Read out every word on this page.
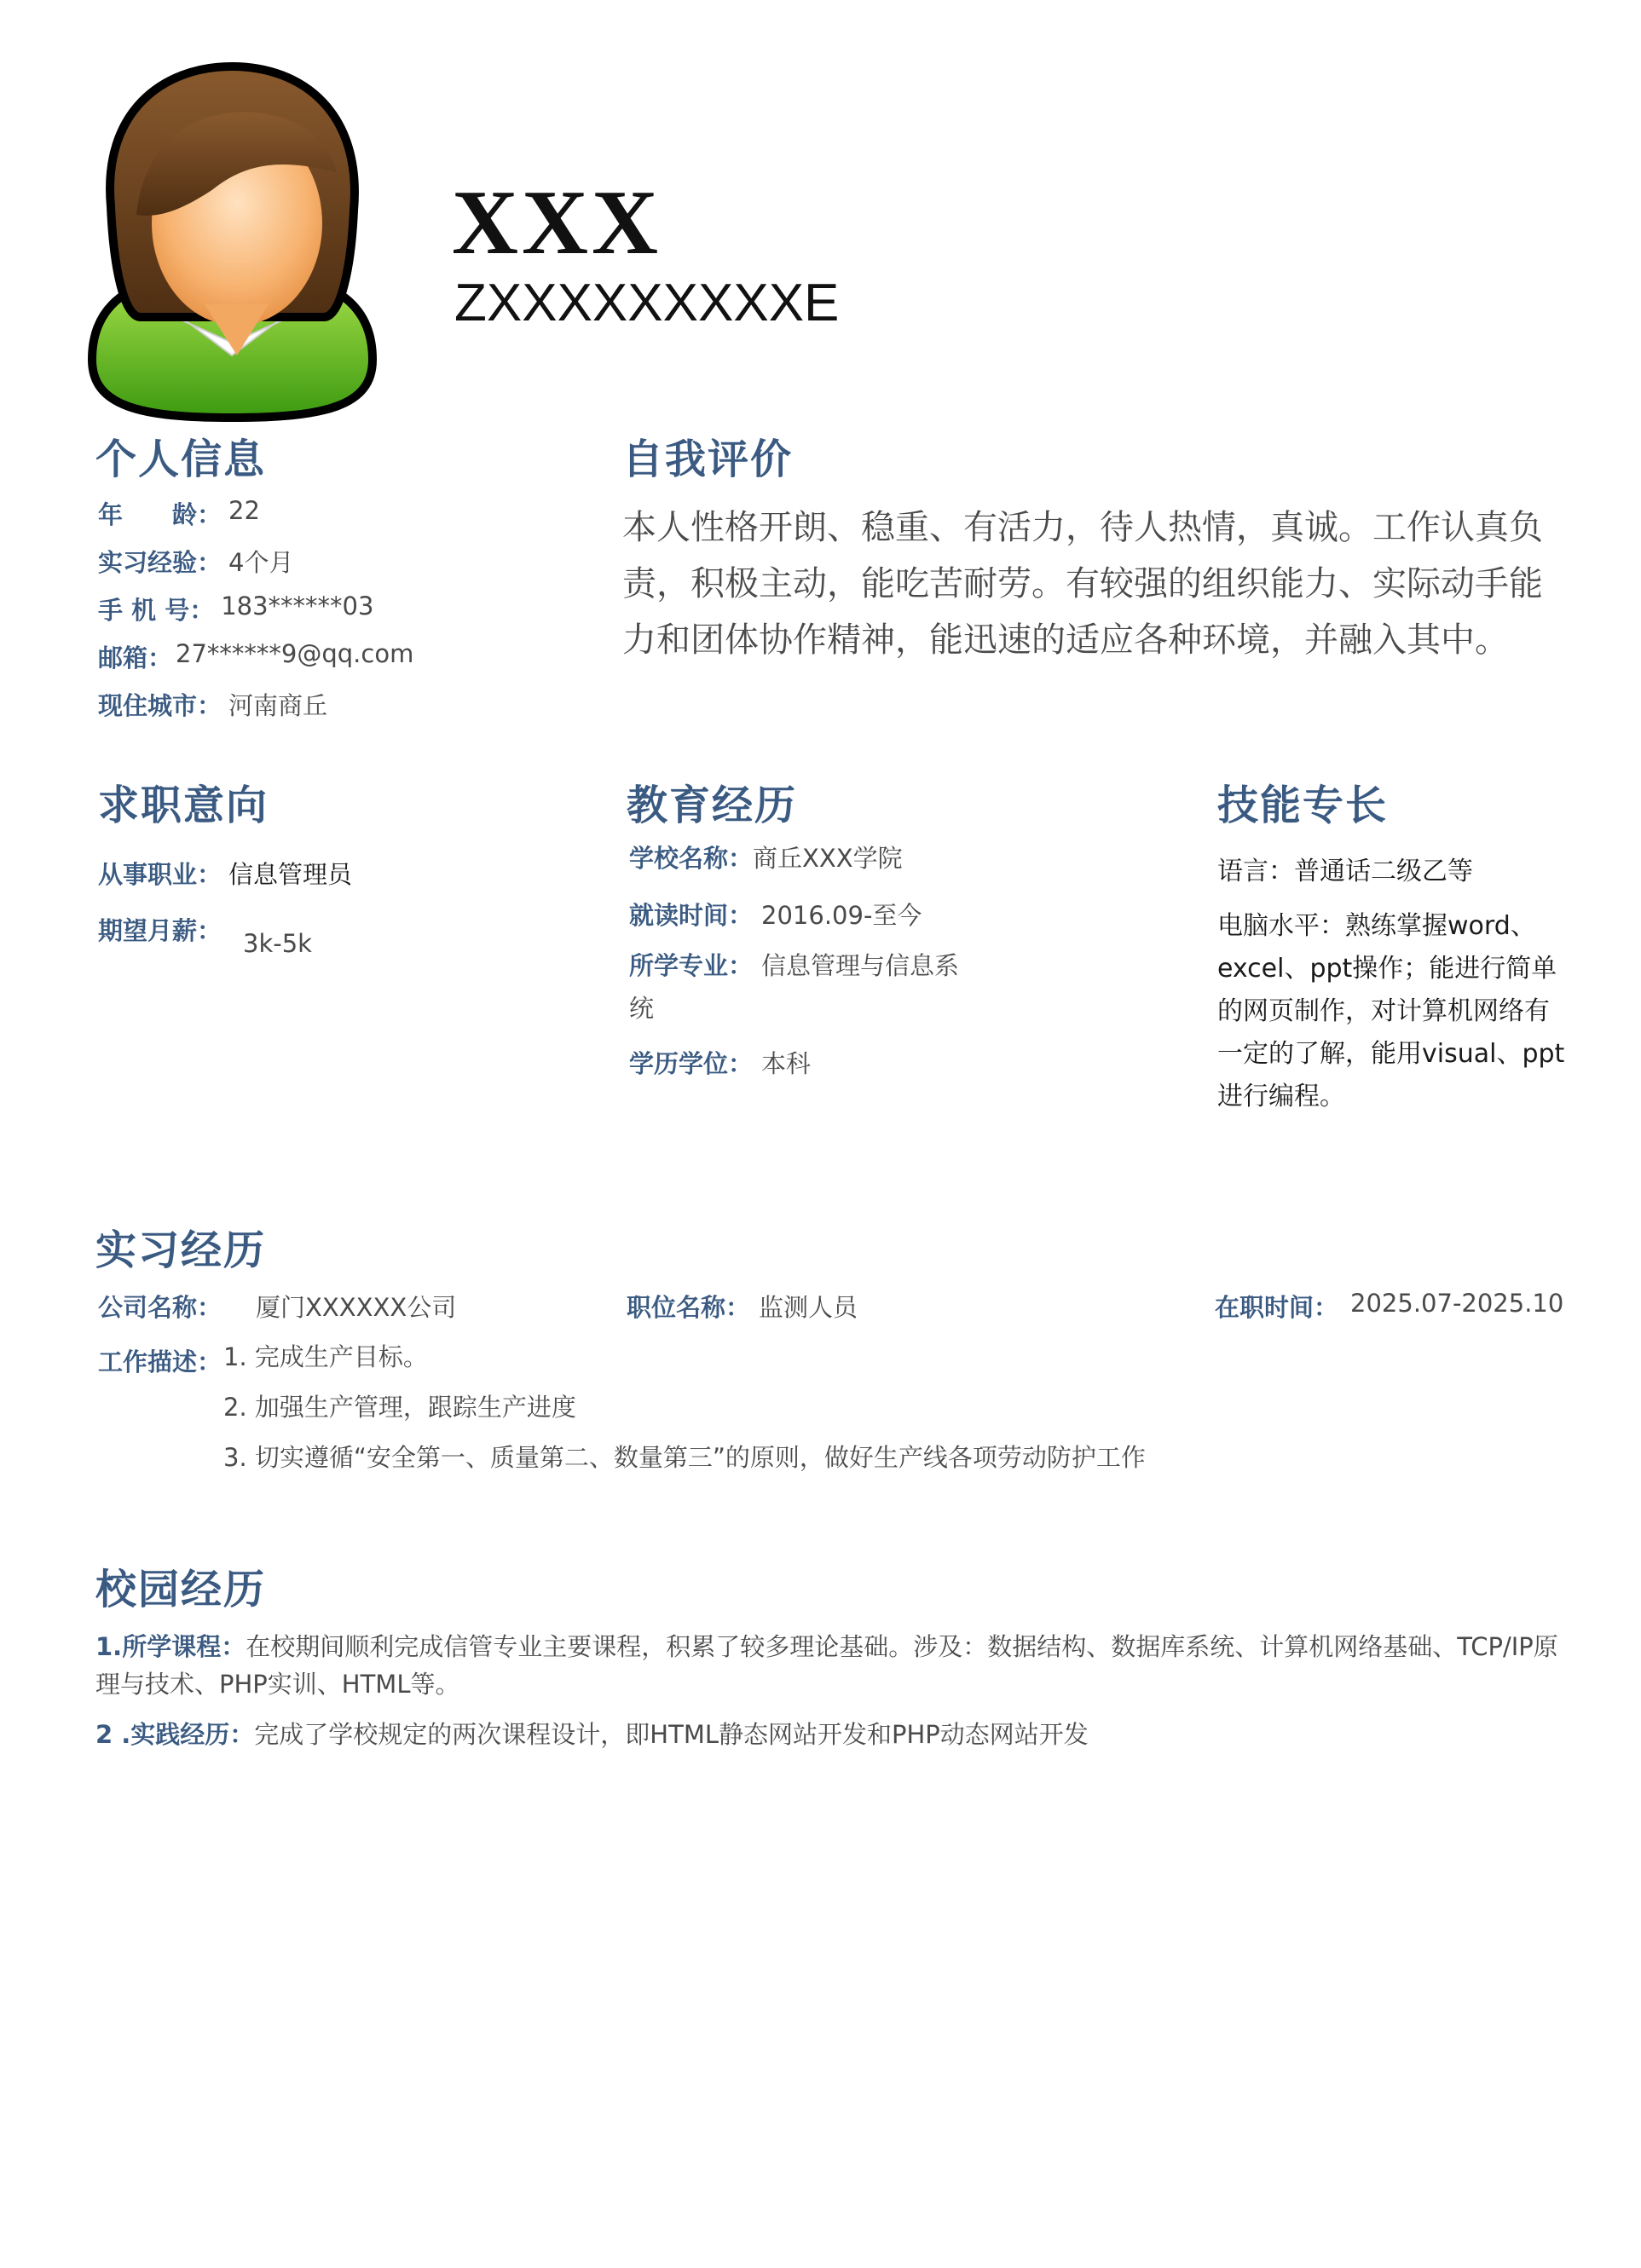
XXX
ZXXXXXXXXXE
个人信息
年　　龄： 22
实习经验： 4个月
手 机 号： 183******03
邮箱： 27******9@qq.com
现住城市： 河南商丘
自我评价
本人性格开朗、稳重、有活力，待人热情，真诚。工作认真负责，积极主动，能吃苦耐劳。有较强的组织能力、实际动手能力和团体协作精神，能迅速的适应各种环境，并融入其中。
求职意向
从事职业： 信息管理员
期望月薪： 3k-5k
教育经历
学校名称： 商丘XXX学院
就读时间： 2016.09-至今
所学专业： 信息管理与信息系统
学历学位： 本科
技能专长
语言：普通话二级乙等
电脑水平：熟练掌握word、excel、ppt操作；能进行简单的网页制作，对计算机网络有一定的了解，能用visual、ppt进行编程。
实习经历
公司名称： 厦门XXXXXX公司	职位名称： 监测人员	在职时间： 2025.07-2025.10
工作描述： 1. 完成生产目标。
2. 加强生产管理，跟踪生产进度
3. 切实遵循“安全第一、质量第二、数量第三”的原则，做好生产线各项劳动防护工作
校园经历
1.所学课程：在校期间顺利完成信管专业主要课程，积累了较多理论基础。涉及：数据结构、数据库系统、计算机网络基础、TCP/IP原理与技术、PHP实训、HTML等。
2 .实践经历：完成了学校规定的两次课程设计，即HTML静态网站开发和PHP动态网站开发
